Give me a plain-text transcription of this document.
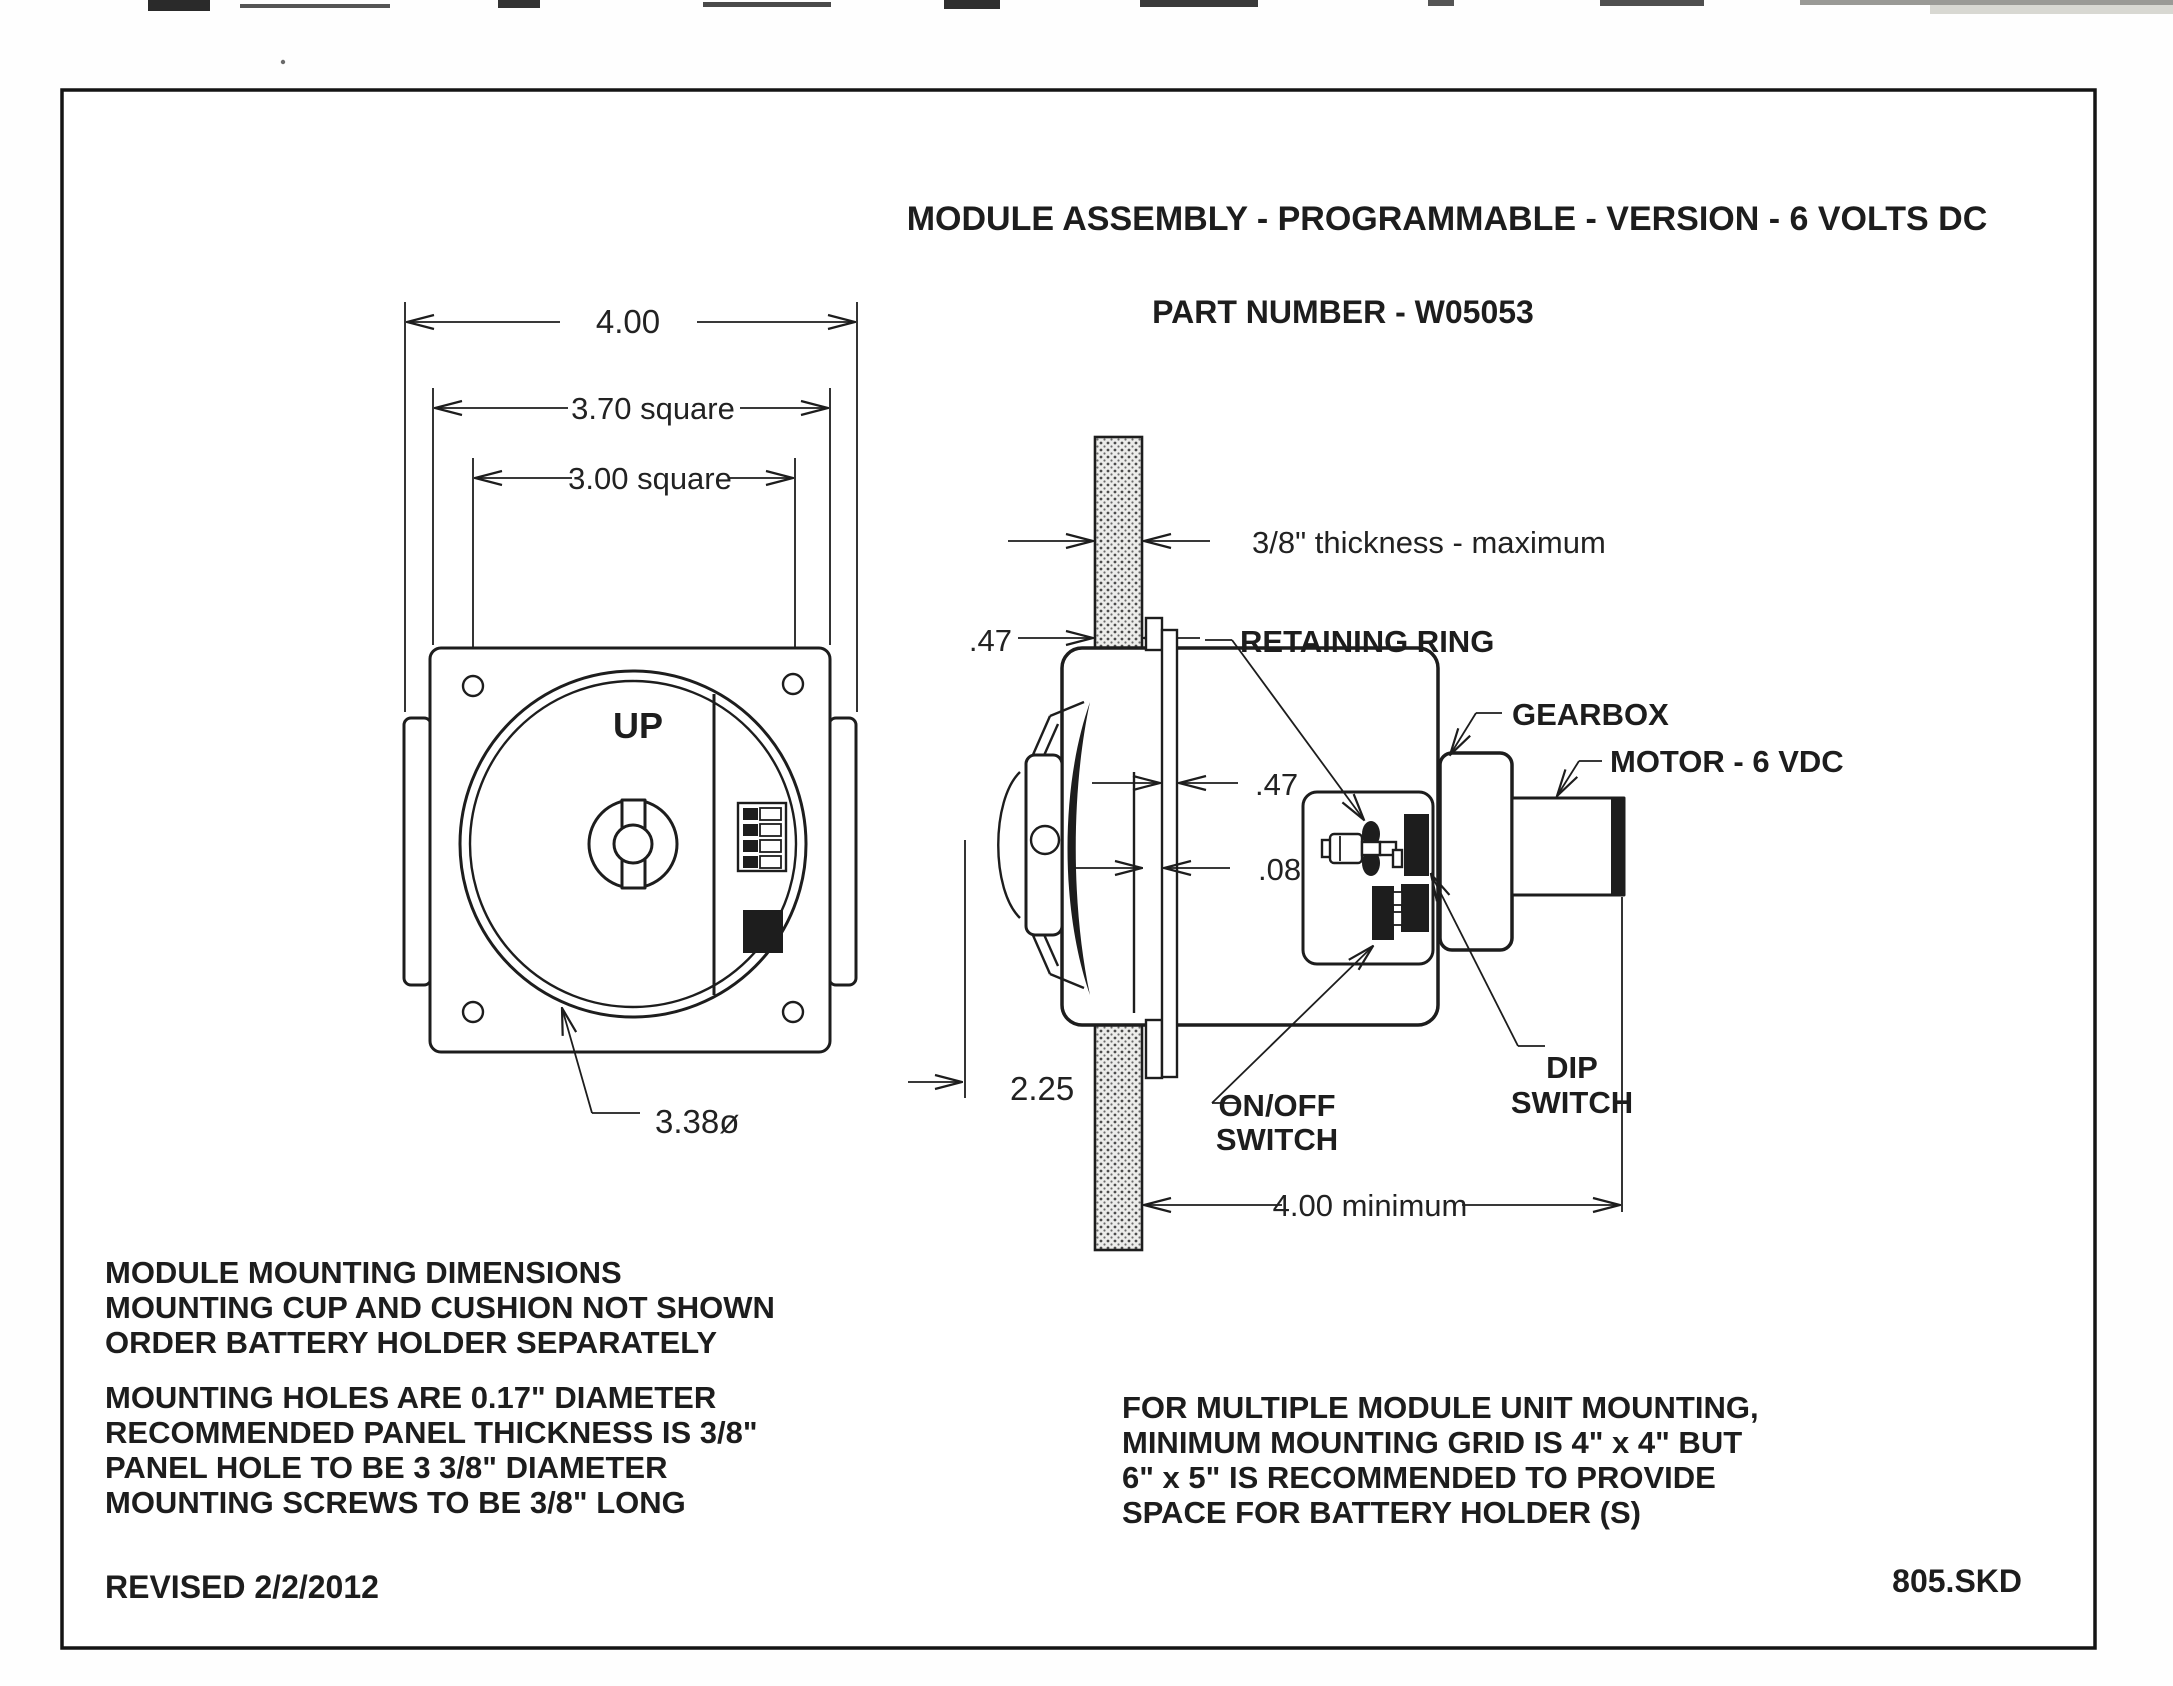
MODULE ASSEMBLY - PROGRAMMABLE - VERSION - 6 VOLTS DC
PART NUMBER - W05053
4.00
3.70 square
3.00 square
UP
3.38ø
3/8" thickness - maximum
.47
.47
.08
RETAINING RING
GEARBOX
MOTOR - 6 VDC
DIP
SWITCH
ON/OFF
SWITCH
2.25
4.00 minimum
MODULE MOUNTING DIMENSIONS
MOUNTING CUP AND CUSHION NOT SHOWN
ORDER BATTERY HOLDER SEPARATELY
MOUNTING HOLES ARE 0.17" DIAMETER
RECOMMENDED PANEL THICKNESS IS 3/8"
PANEL HOLE TO BE 3 3/8" DIAMETER
MOUNTING SCREWS TO BE 3/8" LONG
FOR MULTIPLE MODULE UNIT MOUNTING,
MINIMUM MOUNTING GRID IS 4" x 4" BUT
6" x 5" IS RECOMMENDED TO PROVIDE
SPACE FOR BATTERY HOLDER (S)
REVISED 2/2/2012	805.SKD
